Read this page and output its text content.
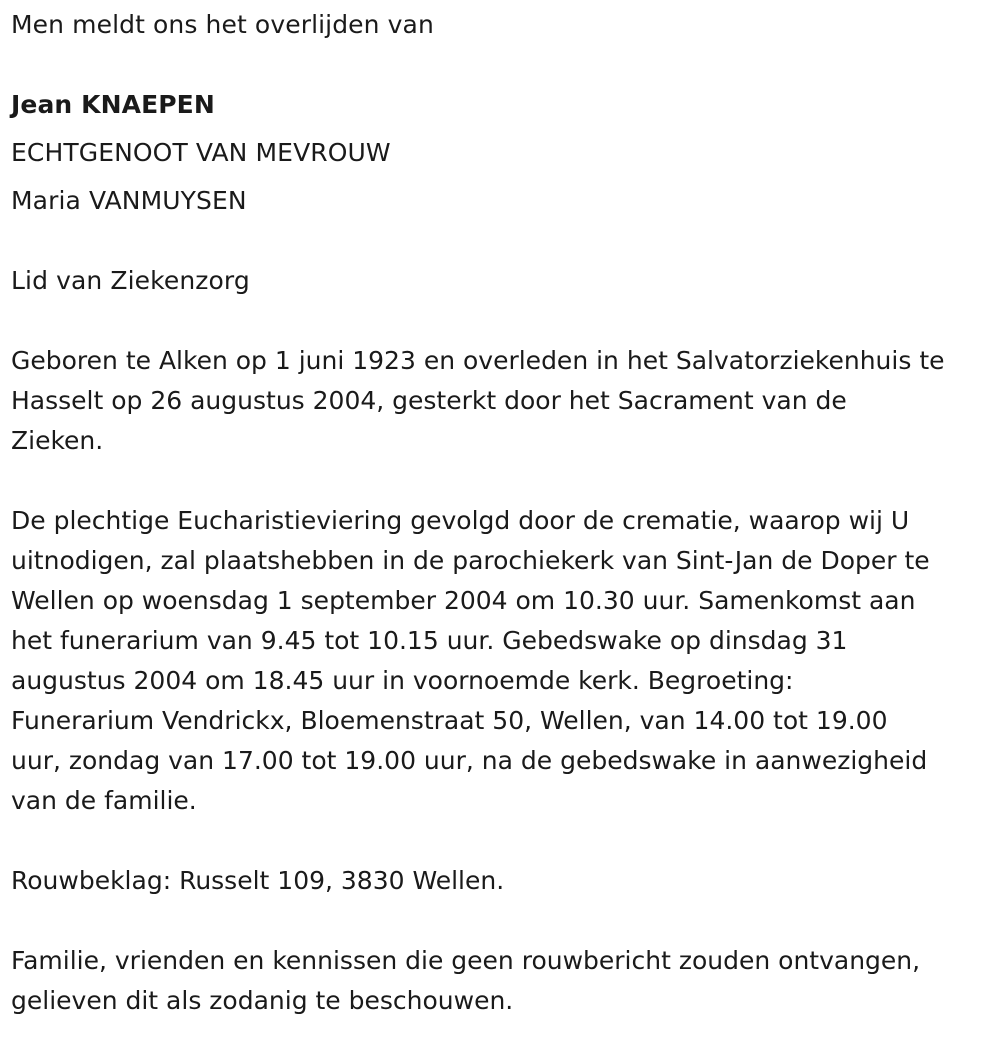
Men meldt ons het overlijden van
Jean KNAEPEN
ECHTGENOOT VAN MEVROUW
Maria VANMUYSEN
Lid van Ziekenzorg
Geboren te Alken op 1 juni 1923 en overleden in het Salvatorziekenhuis te
Hasselt op 26 augustus 2004, gesterkt door het Sacrament van de
Zieken.
De plechtige Eucharistieviering gevolgd door de crematie, waarop wij U
uitnodigen, zal plaatshebben in de parochiekerk van Sint-Jan de Doper te
Wellen op woensdag 1 september 2004 om 10.30 uur. Samenkomst aan
het funerarium van 9.45 tot 10.15 uur. Gebedswake op dinsdag 31
augustus 2004 om 18.45 uur in voornoemde kerk. Begroeting:
Funerarium Vendrickx, Bloemenstraat 50, Wellen, van 14.00 tot 19.00
uur, zondag van 17.00 tot 19.00 uur, na de gebedswake in aanwezigheid
van de familie.
Rouwbeklag: Russelt 109, 3830 Wellen.
Familie, vrienden en kennissen die geen rouwbericht zouden ontvangen,
gelieven dit als zodanig te beschouwen.
